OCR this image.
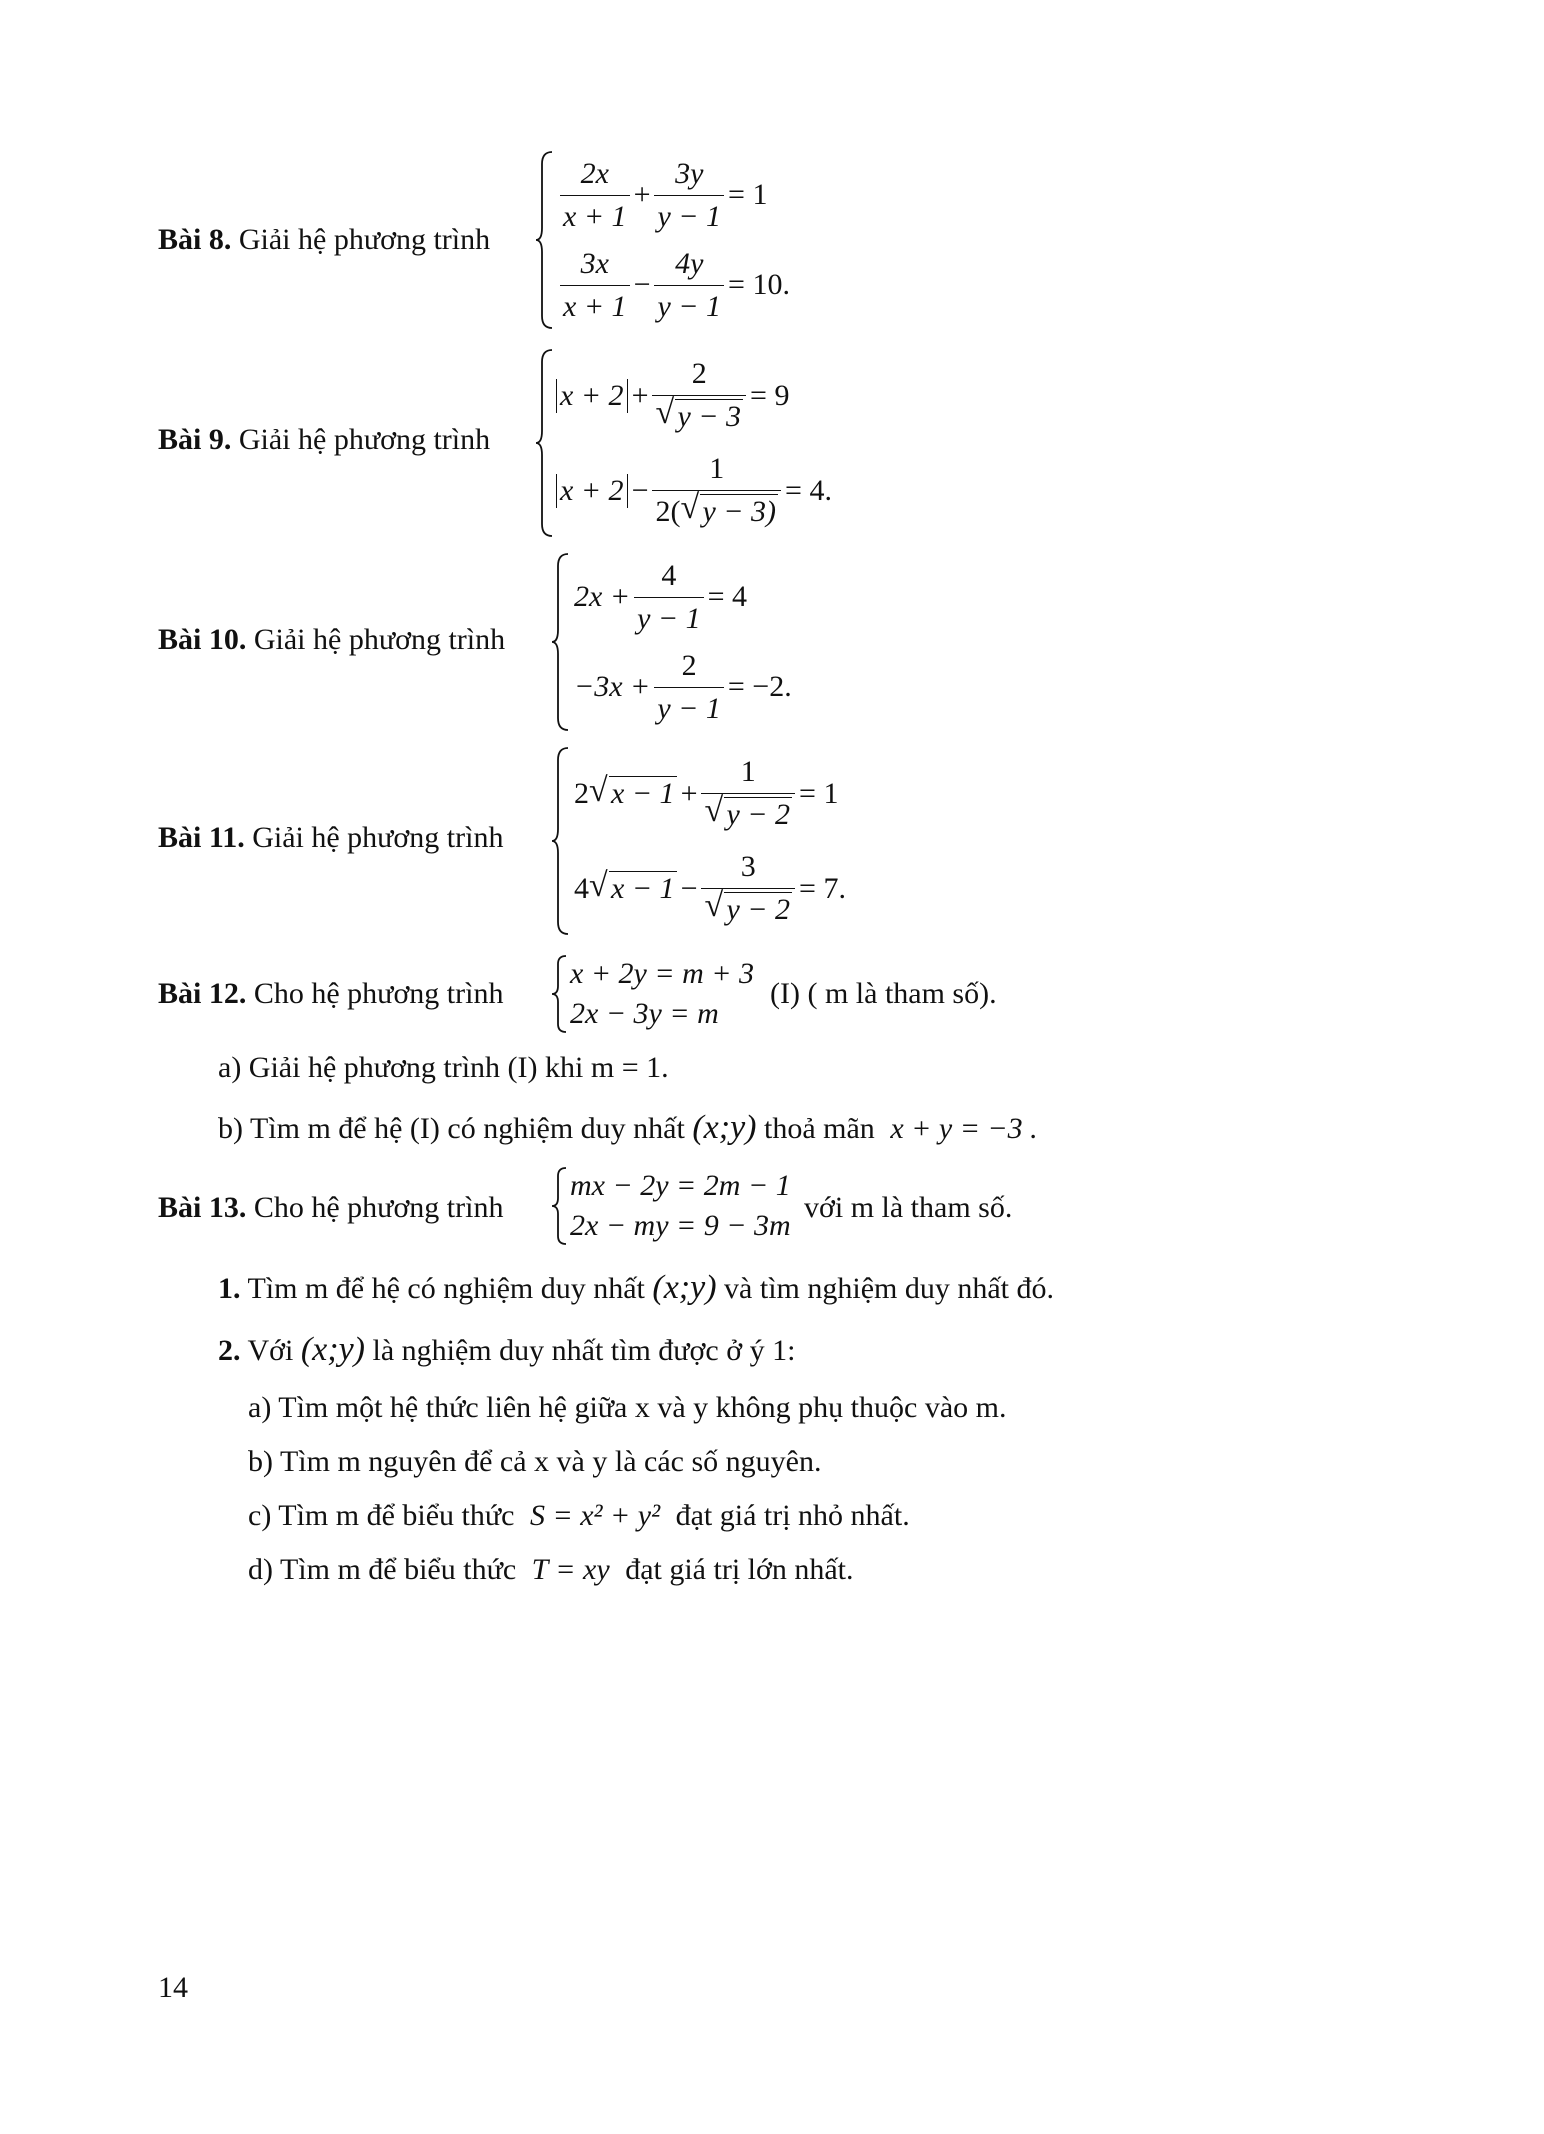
Bài 8. Giải hệ phương trình
$\frac{2x}{x + 1} + \frac{3y}{y - 1} = 1$
$\frac{3x}{x + 1} - \frac{4y}{y - 1} = 10$.
Bài 9. Giải hệ phương trình
x + 2 + 2
√ y − 3 = 9
$x + 2 - \frac{1}{2( √ y - 3)} = 4$.
Bài 10. Giải hệ phương trình
$2x + \frac{4}{y - 1} = 4$
$-3x + \frac{2}{y - 1} = -2$.
Bài 11. Giải hệ phương trình
2 √ x − 1 + 1
√ y − 2 = 1
4 √ x − 1 − 3
√ y − 2 = 7.
Bài 12. Cho hệ phương trình
x + 2y = m + 3
2x − 3y = m
(I) ( m là tham số).
a) Giải hệ phương trình (I) khi m = 1.
b) Tìm m để hệ (I) có nghiệm duy nhất (x;y) thoả mãn x + y = −3 .
Bài 13. Cho hệ phương trình
mx − 2y = 2m − 1
2x − my = 9 − 3m
với m là tham số.
1. Tìm m để hệ có nghiệm duy nhất (x;y) và tìm nghiệm duy nhất đó.
2. Với (x;y) là nghiệm duy nhất tìm được ở ý 1:
a) Tìm một hệ thức liên hệ giữa x và y không phụ thuộc vào m.
b) Tìm m nguyên để cả x và y là các số nguyên.
c) Tìm m để biểu thức S = x² + y² đạt giá trị nhỏ nhất.
d) Tìm m để biểu thức T = xy đạt giá trị lớn nhất.
14
